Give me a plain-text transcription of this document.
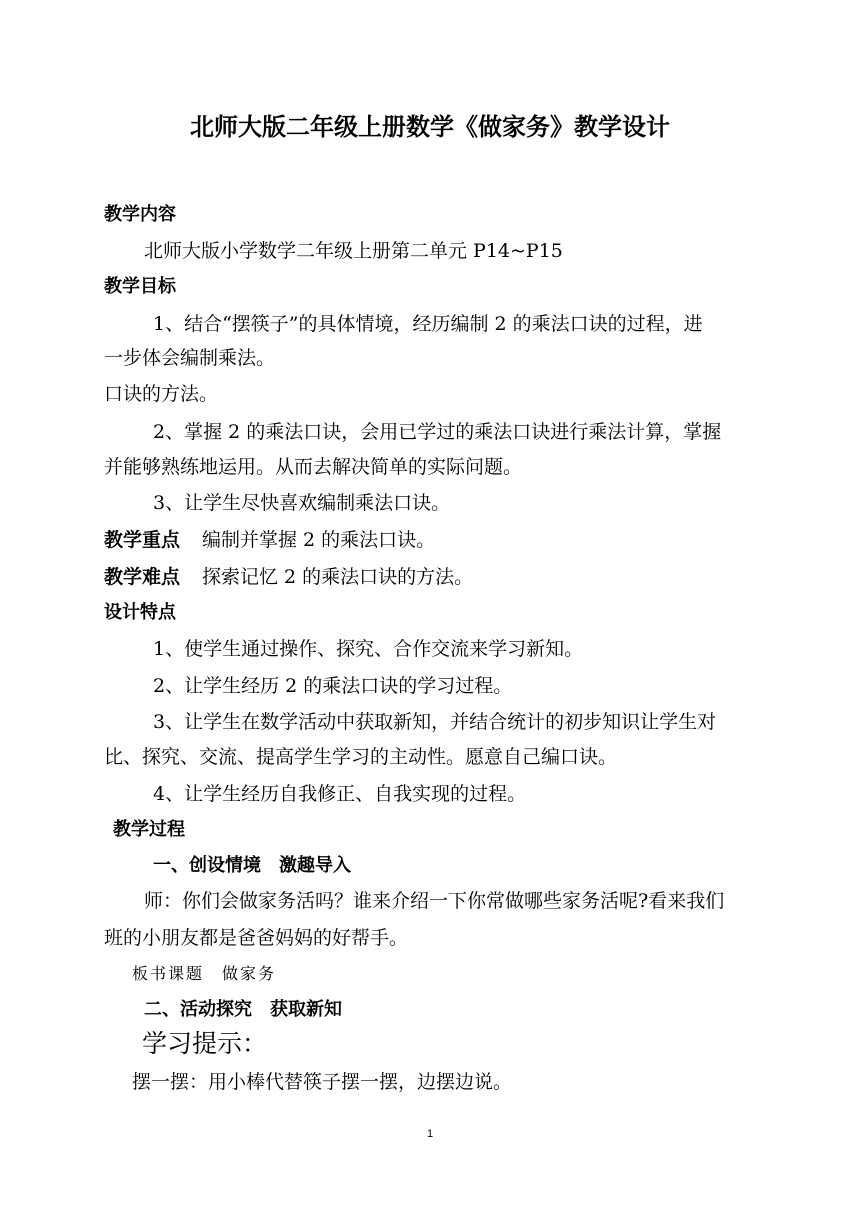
北师大版二年级上册数学《做家务》教学设计
教学内容
北师大版小学数学二年级上册第二单元 P14~P15
教学目标
1、结合“摆筷子”的具体情境，经历编制 2 的乘法口诀的过程，进
一步体会编制乘法。
口诀的方法。
2、掌握 2 的乘法口诀，会用已学过的乘法口诀进行乘法计算，掌握
并能够熟练地运用。从而去解决简单的实际问题。
3、让学生尽快喜欢编制乘法口诀。
教学重点 编制并掌握 2 的乘法口诀。
教学难点 探索记忆 2 的乘法口诀的方法。
设计特点
1、使学生通过操作、探究、合作交流来学习新知。
2、让学生经历 2 的乘法口诀的学习过程。
3、让学生在数学活动中获取新知，并结合统计的初步知识让学生对
比、探究、交流、提高学生学习的主动性。愿意自己编口诀。
4、让学生经历自我修正、自我实现的过程。
教学过程
一、创设情境　激趣导入
师：你们会做家务活吗？谁来介绍一下你常做哪些家务活呢?看来我们
班的小朋友都是爸爸妈妈的好帮手。
板书课题　做家务
二、活动探究　获取新知
学习提示：
摆一摆：用小棒代替筷子摆一摆，边摆边说。
1
